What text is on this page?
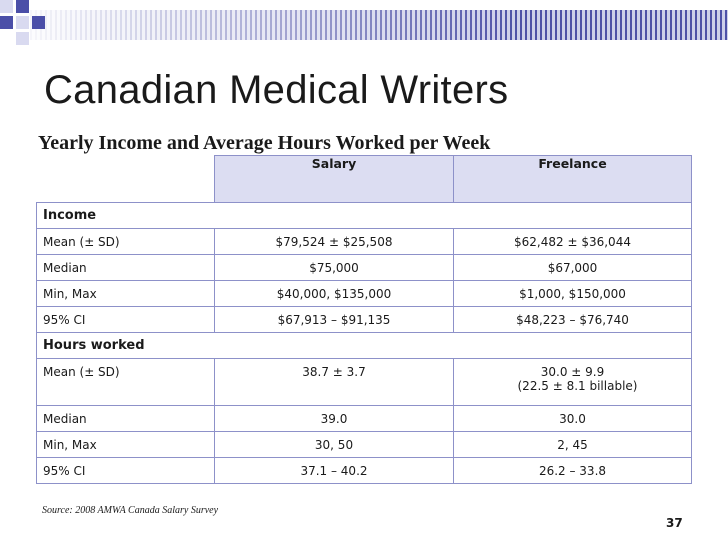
Canadian Medical Writers
Yearly Income and Average Hours Worked per Week
	Salary	Freelance
Income		
Mean (± SD)	$79,524 ± $25,508	$62,482 ± $36,044
Median	$75,000	$67,000
Min, Max	$40,000, $135,000	$1,000, $150,000
95% CI	$67,913 – $91,135	$48,223 – $76,740
Hours worked		
Mean (± SD)	38.7 ± 3.7	30.0 ± 9.9
(22.5 ± 8.1 billable)

Median	39.0	30.0
Min, Max	30, 50	2, 45
95% CI	37.1 – 40.2	26.2 – 33.8
Source: 2008 AMWA Canada Salary Survey
37
